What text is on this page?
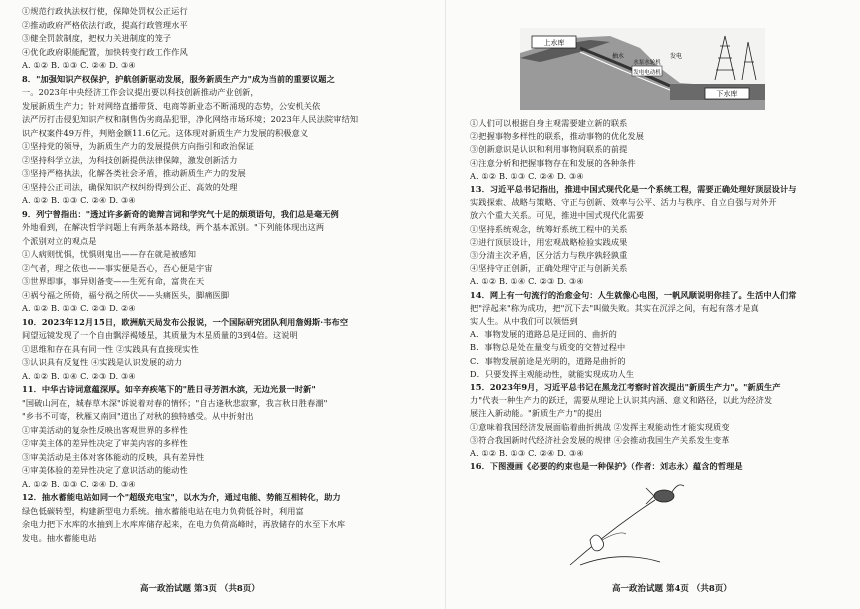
①规范行政执法权行使，保障处罚权公正运行
②推动政府严格依法行政，提高行政管理水平
③健全罚款制度，把权力关进制度的笼子
④优化政府职能配置，加快转变行政工作作风
A. ①② B. ①③ C. ②④ D. ③④
8．"加强知识产权保护，护航创新驱动发展，服务新质生产力"成为当前的重要议题之
一。2023年中央经济工作会议提出要以科技创新推动产业创新，
发展新质生产力；针对网络直播带货、电商等新业态不断涌现的态势，公安机关依
法严厉打击侵犯知识产权和制售伪劣商品犯罪，净化网络市场环境；2023年人民法院审结知
识产权案件49万件，判赔金额11.6亿元。这体现对新质生产力发展的积极意义
①坚持党的领导，为新质生产力的发展提供方向指引和政治保证
②坚持科学立法，为科技创新提供法律保障，激发创新活力
③坚持严格执法，化解各类社会矛盾，推动新质生产力的发展
④坚持公正司法，确保知识产权纠纷得到公正、高效的处理
A. ①② B. ①③ C. ②④ D. ③④
9．列宁曾指出："透过许多新奇的诡辩言词和学究气十足的烦琐语句，我们总是毫无例
外地看到，在解决哲学问题上有两条基本路线，两个基本派别。"下列能体现出这两
个派别对立的观点是
①人病则忧惧，忧惧则鬼出——存在就是被感知
②气者，理之依也——事实便是吾心，吾心便是宇宙
③世界即事，事异则备变——生死有命，富贵在天
④祸兮福之所倚，福兮祸之所伏——头痛医头，脚痛医脚
A. ①② B. ①③ C. ②③ D. ②④
10．2023年12月15日，欧洲航天局发布公报说，一个国际研究团队利用詹姆斯·韦布空
间望远镜发现了一个自由飘浮褐矮星，其质量为木星质量的3到4倍。这说明
①思维和存在具有同一性 ②实践具有直接现实性
③认识具有反复性 ④实践是认识发展的动力
A. ①② B. ①④ C. ②③ D. ③④
11．中华古诗词意蕴深厚。如辛弃疾笔下的"胜日寻芳泗水滨，无边光景一时新"
"国破山河在，城春草木深"诉说着对春的情怀；"自古逢秋悲寂寥，我言秋日胜春潮"
"乡书不可寄，秋雁又南回"道出了对秋的独特感受。从中折射出
①审美活动的复杂性反映出客观世界的多样性
②审美主体的差异性决定了审美内容的多样性
③审美活动是主体对客体能动的反映，具有差异性
④审美体验的差异性决定了意识活动的能动性
A. ①② B. ①③ C. ②④ D. ③④
12．抽水蓄能电站如同一个"超级充电宝"，以水为介，通过电能、势能互相转化，助力
绿色低碳转型，构建新型电力系统。抽水蓄能电站在电力负荷低谷时，利用富
余电力把下水库的水抽到上水库库储存起来，在电力负荷高峰时，再放储存的水至下水库
发电。抽水蓄能电站
高一政治试题 第3页 （共8页）
①人们可以根据自身主观需要建立新的联系
②把握事物多样性的联系，推动事物的优化发展
③创新意识是认识和利用事物间联系的前提
④注意分析和把握事物存在和发展的各种条件
A. ①② B. ①③ C. ②④ D. ③④
13．习近平总书记指出，推进中国式现代化是一个系统工程，需要正确处理好顶层设计与
实践探索、战略与策略、守正与创新、效率与公平、活力与秩序、自立自强与对外开
放六个重大关系。可见，推进中国式现代化需要
①坚持系统观念，统筹好系统工程中的关系
②进行顶层设计，用宏观战略检验实践成果
③分清主次矛盾，区分活力与秩序孰轻孰重
④坚持守正创新，正确处理守正与创新关系
A. ①② B. ①④ C. ②③ D. ③④
14．网上有一句流行的治愈金句：人生就像心电图，一帆风顺说明你挂了。生活中人们常
把"浮起来"称为成功，把"沉下去"叫做失败。其实在沉浮之间，有起有落才是真
实人生。从中我们可以领悟到
A．事物发展的道路总是迂回的、曲折的
B．事物总是处在量变与质变的交替过程中
C．事物发展前途是光明的，道路是曲折的
D．只要发挥主观能动性，就能实现成功人生
15．2023年9月，习近平总书记在黑龙江考察时首次提出"新质生产力"。"新质生产
力"代表一种生产力的跃迁，需要从理论上认识其内涵、意义和路径，以此为经济发
展注入新动能。"新质生产力"的提出
①意味着我国经济发展面临着曲折挑战 ②发挥主观能动性才能实现质变
③符合我国新时代经济社会发展的规律 ④会推动我国生产关系发生变革
A. ①② B. ①③ C. ②④ D. ③④
16．下图漫画《必要的约束也是一种保护》（作者：刘志永）蕴含的哲理是
上水库
下水库
水泵水轮机
发电电动机
发电
抽水
高一政治试题 第4页 （共8页）
